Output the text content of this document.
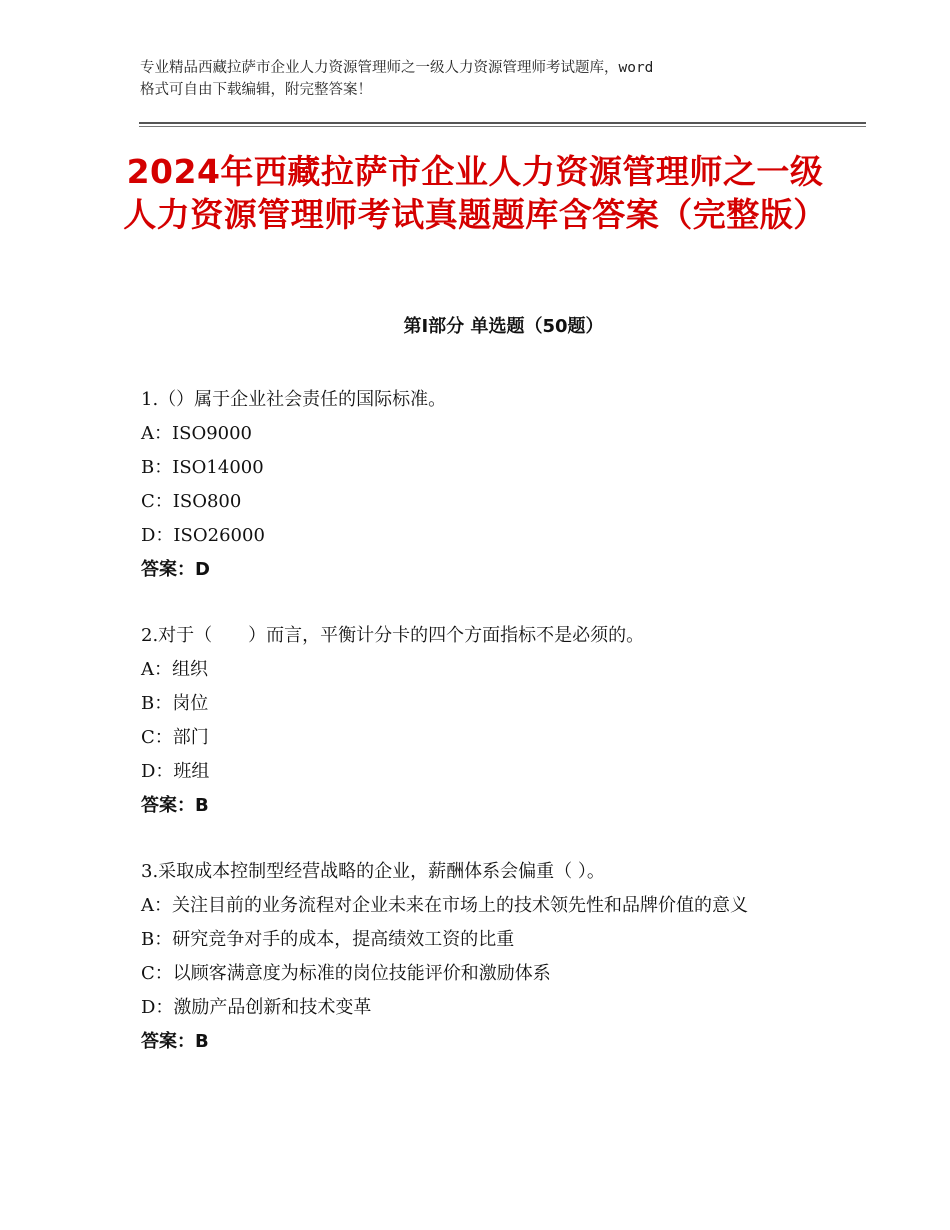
专业精品西藏拉萨市企业人力资源管理师之一级人力资源管理师考试题库，word
格式可自由下载编辑，附完整答案！
2024年西藏拉萨市企业人力资源管理师之一级人力资源管理师考试真题题库含答案（完整版）
第Ⅰ部分 单选题（50题）

1.（）属于企业社会责任的国际标准。

A：ISO9000

B：ISO14000

C：ISO800

D：ISO26000

答案：D

2.对于（　　）而言，平衡计分卡的四个方面指标不是必须的。

A：组织

B：岗位

C：部门

D：班组

答案：B

3.采取成本控制型经营战略的企业，薪酬体系会偏重（ ）。

A：关注目前的业务流程对企业未来在市场上的技术领先性和品牌价值的意义

B：研究竞争对手的成本，提高绩效工资的比重

C：以顾客满意度为标准的岗位技能评价和激励体系

D：激励产品创新和技术变革

答案：B
